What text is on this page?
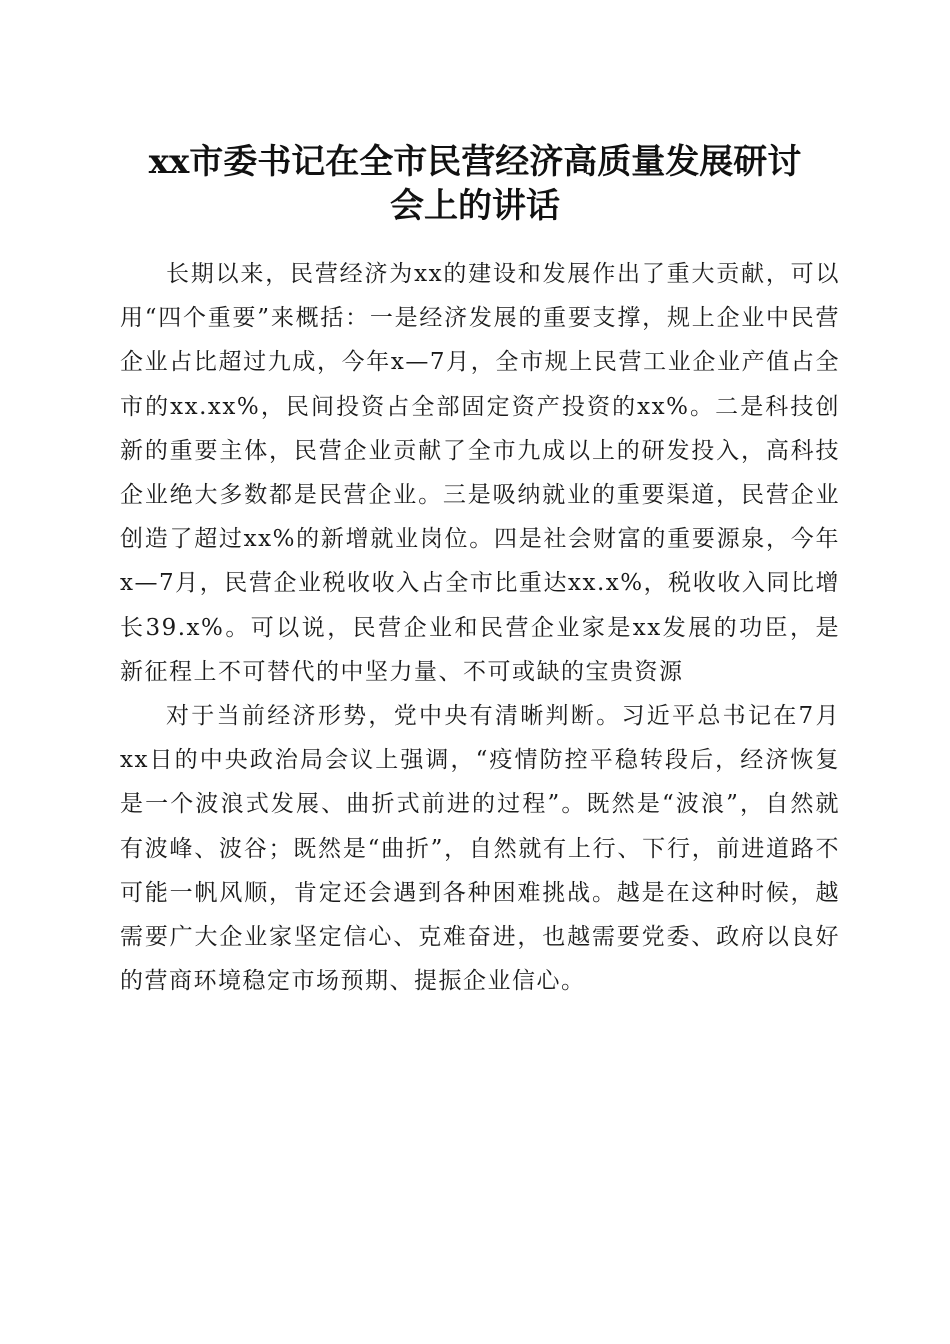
xx市委书记在全市民营经济高质量发展研讨
会上的讲话

长期以来，民营经济为xx的建设和发展作出了重大贡献，可以用“四个重要”来概括：一是经济发展的重要支撑，规上企业中民营企业占比超过九成，今年x—7月，全市规上民营工业企业产值占全市的xx.xx%，民间投资占全部固定资产投资的xx%。二是科技创新的重要主体，民营企业贡献了全市九成以上的研发投入，高科技企业绝大多数都是民营企业。三是吸纳就业的重要渠道，民营企业创造了超过xx%的新增就业岗位。四是社会财富的重要源泉，今年x—7月，民营企业税收收入占全市比重达xx.x%，税收收入同比增长39.x%。可以说，民营企业和民营企业家是xx发展的功臣，是新征程上不可替代的中坚力量、不可或缺的宝贵资源

对于当前经济形势，党中央有清晰判断。习近平总书记在7月xx日的中央政治局会议上强调，“疫情防控平稳转段后，经济恢复是一个波浪式发展、曲折式前进的过程”。既然是“波浪”，自然就有波峰、波谷；既然是“曲折”，自然就有上行、下行，前进道路不可能一帆风顺，肯定还会遇到各种困难挑战。越是在这种时候，越需要广大企业家坚定信心、克难奋进，也越需要党委、政府以良好的营商环境稳定市场预期、提振企业信心。
